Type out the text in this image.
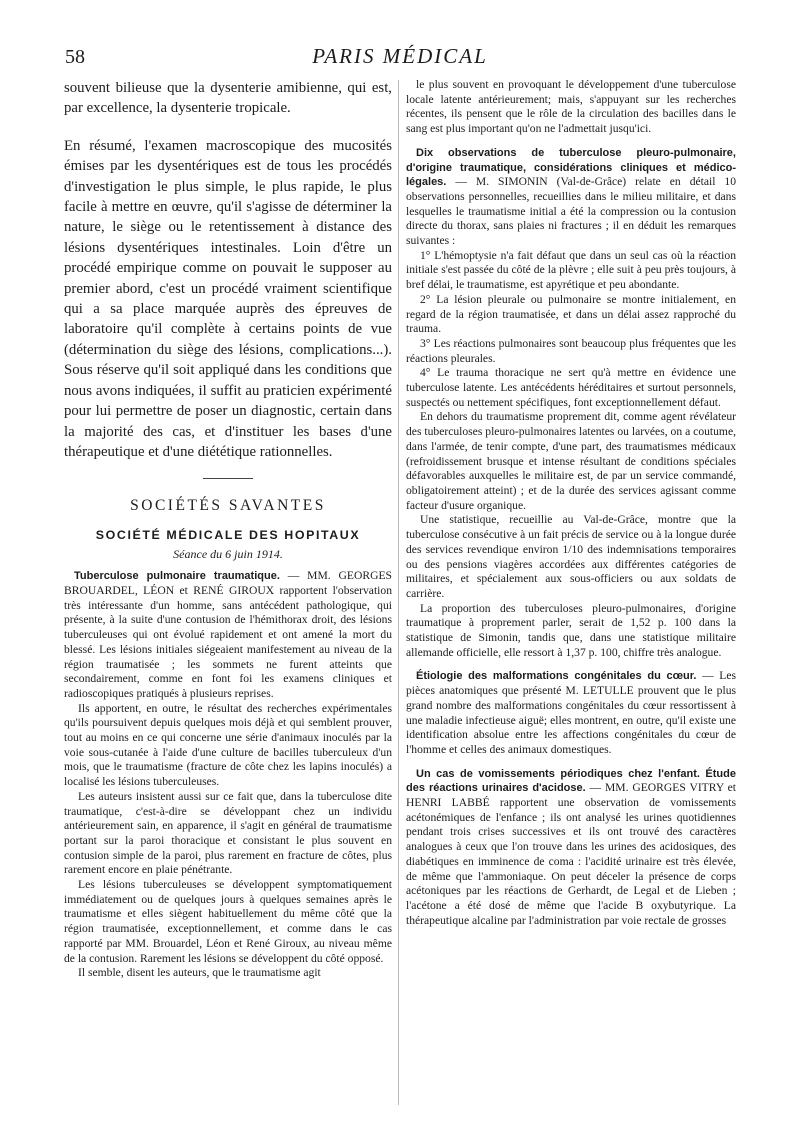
58	PARIS MÉDICAL

souvent bilieuse que la dysenterie amibienne, qui est, par excellence, la dysenterie tropicale.

En résumé, l'examen macroscopique des mucosités émises par les dysentériques est de tous les procédés d'investigation le plus simple, le plus rapide, le plus facile à mettre en œuvre, qu'il s'agisse de déterminer la nature, le siège ou le retentissement à distance des lésions dysentériques intestinales. Loin d'être un procédé empirique comme on pouvait le supposer au premier abord, c'est un procédé vraiment scientifique qui a sa place marquée auprès des épreuves de laboratoire qu'il complète à certains points de vue (détermination du siège des lésions, complications...). Sous réserve qu'il soit appliqué dans les conditions que nous avons indiquées, il suffit au praticien expérimenté pour lui permettre de poser un diagnostic, certain dans la majorité des cas, et d'instituer les bases d'une thérapeutique et d'une diététique rationnelles.

SOCIÉTÉS SAVANTES
SOCIÉTÉ MÉDICALE DES HOPITAUX
Séance du 6 juin 1914.

Tuberculose pulmonaire traumatique. — MM. GEORGES BROUARDEL, LÉON et RENÉ GIROUX rapportent l'observation très intéressante d'un homme, sans antécédent pathologique, qui présente, à la suite d'une contusion de l'hémithorax droit, des lésions tuberculeuses qui ont évolué rapidement et ont amené la mort du blessé. Les lésions initiales siégeaient manifestement au niveau de la région traumatisée ; les sommets ne furent atteints que secondairement, comme en font foi les examens cliniques et radioscopiques pratiqués à plusieurs reprises.

Ils apportent, en outre, le résultat des recherches expérimentales qu'ils poursuivent depuis quelques mois déjà et qui semblent prouver, tout au moins en ce qui concerne une série d'animaux inoculés par la voie sous-cutanée à l'aide d'une culture de bacilles tuberculeux d'un mois, que le traumatisme (fracture de côte chez les lapins inoculés) a localisé les lésions tuberculeuses.

Les auteurs insistent aussi sur ce fait que, dans la tuberculose dite traumatique, c'est-à-dire se développant chez un individu antérieurement sain, en apparence, il s'agit en général de traumatisme portant sur la paroi thoracique et consistant le plus souvent en contusion simple de la paroi, plus rarement en fracture de côtes, plus rarement encore en plaie pénétrante.

Les lésions tuberculeuses se développent symptomatiquement immédiatement ou de quelques jours à quelques semaines après le traumatisme et elles siègent habituellement du même côté que la région traumatisée, exceptionnellement, et comme dans le cas rapporté par MM. Brouardel, Léon et René Giroux, au niveau même de la contusion. Rarement les lésions se développent du côté opposé.

Il semble, disent les auteurs, que le traumatisme agit

le plus souvent en provoquant le développement d'une tuberculose locale latente antérieurement; mais, s'appuyant sur les recherches récentes, ils pensent que le rôle de la circulation des bacilles dans le sang est plus important qu'on ne l'admettait jusqu'ici.

Dix observations de tuberculose pleuro-pulmonaire, d'origine traumatique, considérations cliniques et médico-légales. — M. SIMONIN (Val-de-Grâce) relate en détail 10 observations personnelles, recueillies dans le milieu militaire, et dans lesquelles le traumatisme initial a été la compression ou la contusion directe du thorax, sans plaies ni fractures ; il en déduit les remarques suivantes :

1° L'hémoptysie n'a fait défaut que dans un seul cas où la réaction initiale s'est passée du côté de la plèvre ; elle suit à peu près toujours, à bref délai, le traumatisme, est apyrétique et peu abondante.

2° La lésion pleurale ou pulmonaire se montre initialement, en regard de la région traumatisée, et dans un délai assez rapproché du trauma.

3° Les réactions pulmonaires sont beaucoup plus fréquentes que les réactions pleurales.

4° Le trauma thoracique ne sert qu'à mettre en évidence une tuberculose latente. Les antécédents héréditaires et surtout personnels, suspectés ou nettement spécifiques, font exceptionnellement défaut.

En dehors du traumatisme proprement dit, comme agent révélateur des tuberculoses pleuro-pulmonaires latentes ou larvées, on a coutume, dans l'armée, de tenir compte, d'une part, des traumatismes médicaux (refroidissement brusque et intense résultant de conditions spéciales défavorables auxquelles le militaire est, de par un service commandé, obligatoirement atteint) ; et de la durée des services agissant comme facteur d'usure organique.

Une statistique, recueillie au Val-de-Grâce, montre que la tuberculose consécutive à un fait précis de service ou à la longue durée des services revendique environ 1/10 des indemnisations temporaires ou des pensions viagères accordées aux différentes catégories de militaires, et spécialement aux sous-officiers ou aux soldats de carrière.

La proportion des tuberculoses pleuro-pulmonaires, d'origine traumatique à proprement parler, serait de 1,52 p. 100 dans la statistique de Simonin, tandis que, dans une statistique militaire allemande officielle, elle ressort à 1,37 p. 100, chiffre très analogue.

Étiologie des malformations congénitales du cœur. — Les pièces anatomiques que présenté M. LETULLE prouvent que le plus grand nombre des malformations congénitales du cœur ressortissent à une maladie infectieuse aiguë; elles montrent, en outre, qu'il existe une identification absolue entre les affections congénitales du cœur de l'homme et celles des animaux domestiques.

Un cas de vomissements périodiques chez l'enfant. Étude des réactions urinaires d'acidose. — MM. GEORGES VITRY et HENRI LABBÉ rapportent une observation de vomissements acétonémiques de l'enfance ; ils ont analysé les urines quotidiennes pendant trois crises successives et ils ont trouvé des caractères analogues à ceux que l'on trouve dans les urines des acidosiques, des diabétiques en imminence de coma : l'acidité urinaire est très élevée, de même que l'ammoniaque. On peut déceler la présence de corps acétoniques par les réactions de Gerhardt, de Legal et de Lieben ; l'acétone a été dosé de même que l'acide B oxybutyrique. La thérapeutique alcaline par l'administration par voie rectale de grosses
